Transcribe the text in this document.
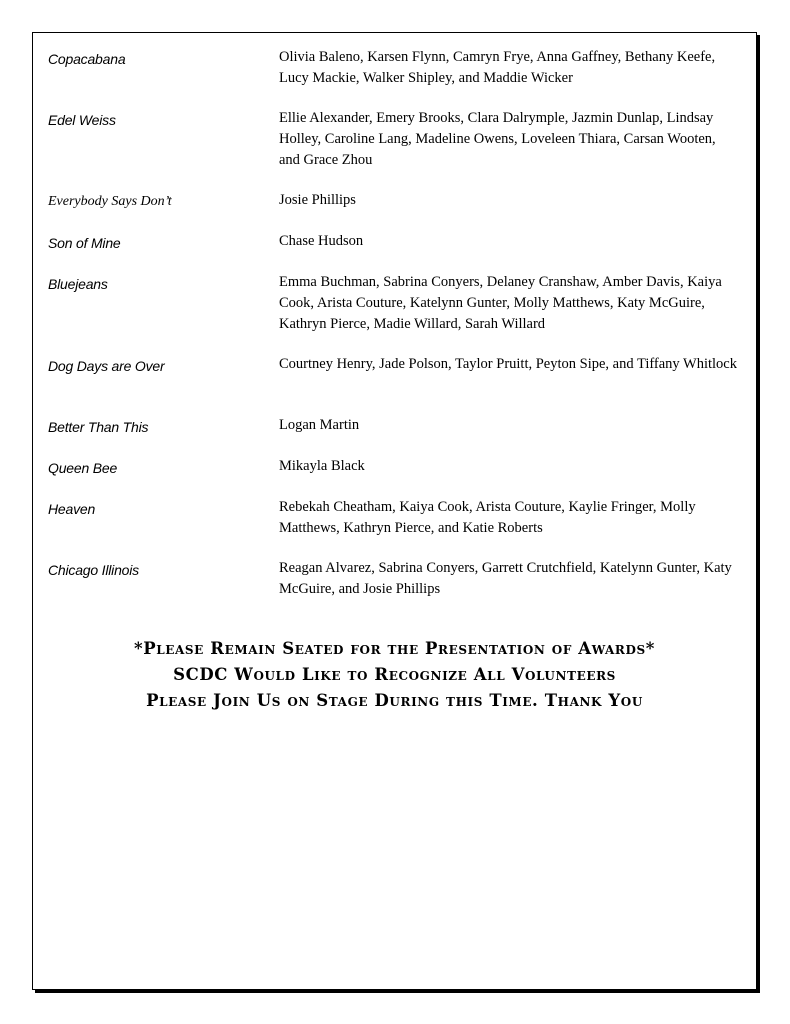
Copacabana	Olivia Baleno, Karsen Flynn, Camryn Frye, Anna Gaffney, Bethany Keefe, Lucy Mackie, Walker Shipley, and Maddie Wicker
Edel Weiss	Ellie Alexander, Emery Brooks, Clara Dalrymple, Jazmin Dunlap, Lindsay Holley, Caroline Lang, Madeline Owens, Loveleen Thiara, Carsan Wooten, and Grace Zhou
Everybody Says Don’t	Josie Phillips
Son of Mine	Chase Hudson
Bluejeans	Emma Buchman, Sabrina Conyers, Delaney Cranshaw, Amber Davis, Kaiya Cook, Arista Couture, Katelynn Gunter, Molly Matthews, Katy McGuire, Kathryn Pierce, Madie Willard, Sarah Willard
Dog Days are Over	Courtney Henry, Jade Polson, Taylor Pruitt, Peyton Sipe, and Tiffany Whitlock
Better Than This	Logan Martin
Queen Bee	Mikayla Black
Heaven	Rebekah Cheatham, Kaiya Cook, Arista Couture, Kaylie Fringer, Molly Matthews, Kathryn Pierce, and Katie Roberts
Chicago Illinois	Reagan Alvarez, Sabrina Conyers, Garrett Crutchfield, Katelynn Gunter, Katy McGuire, and Josie Phillips
*Please Remain Seated for the Presentation of Awards*
SCDC Would Like to Recognize All Volunteers
Please Join Us on Stage During this Time. Thank You
